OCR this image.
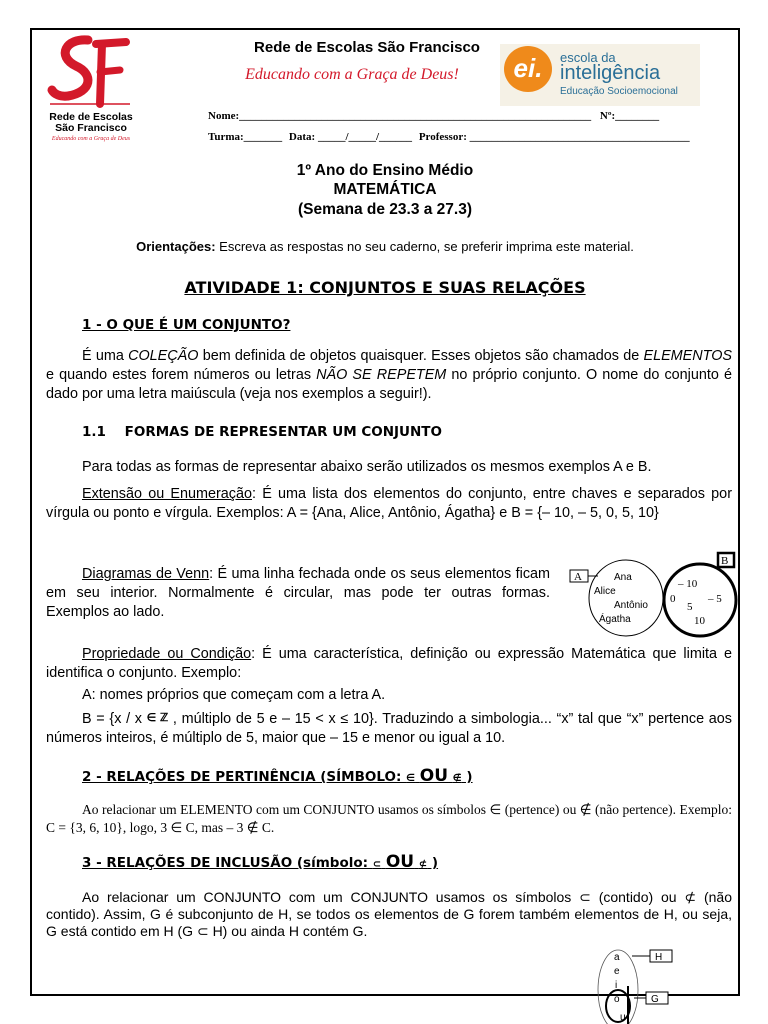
Rede de Escolas
São Francisco
Educando com a Graça de Deus
Rede de Escolas São Francisco
Educando com a Graça de Deus!	ei.	escola da
inteligência
Educação Socioemocional
Nome:________________________________________________________________ Nº:________
Turma:_______ Data: _____/_____/______ Professor: ________________________________________
1º Ano do Ensino Médio
MATEMÁTICA
(Semana de 23.3 a 27.3)
Orientações: Escreva as respostas no seu caderno, se preferir imprima este material.
ATIVIDADE 1: CONJUNTOS E SUAS RELAÇÕES
1 - O QUE É UM CONJUNTO?
É uma COLEÇÃO bem definida de objetos quaisquer. Esses objetos são chamados de ELEMENTOS e quando estes forem números ou letras NÃO SE REPETEM no próprio conjunto. O nome do conjunto é dado por uma letra maiúscula (veja nos exemplos a seguir!).
1.1 FORMAS DE REPRESENTAR UM CONJUNTO
Para todas as formas de representar abaixo serão utilizados os mesmos exemplos A e B.
Extensão ou Enumeração: É uma lista dos elementos do conjunto, entre chaves e separados por vírgula ou ponto e vírgula. Exemplos: A = {Ana, Alice, Antônio, Ágatha} e B = {– 10, – 5, 0, 5, 10}
Diagramas de Venn: É uma linha fechada onde os seus elementos ficam em seu interior. Normalmente é circular, mas pode ter outras formas. Exemplos ao lado.
A	Ana
Alice
Antônio
Ágatha
B
– 10
0	– 5
5
10
Propriedade ou Condição: É uma característica, definição ou expressão Matemática que limita e identifica o conjunto. Exemplo:
A: nomes próprios que começam com a letra A.
B = {x / x ∈ ℤ , múltiplo de 5 e – 15 < x ≤ 10}. Traduzindo a simbologia... “x” tal que “x” pertence aos números inteiros, é múltiplo de 5, maior que – 15 e menor ou igual a 10.
2 - RELAÇÕES DE PERTINÊNCIA (SÍMBOLO: ∈ OU ∉ )
Ao relacionar um ELEMENTO com um CONJUNTO usamos os símbolos ∈ (pertence) ou ∉ (não pertence). Exemplo: C = {3, 6, 10}, logo, 3 ∈ C, mas – 3 ∉ C.
3 - RELAÇÕES DE INCLUSÃO (símbolo: ⊂ OU ⊄ )
Ao relacionar um CONJUNTO com um CONJUNTO usamos os símbolos ⊂ (contido) ou ⊄ (não contido). Assim, G é subconjunto de H, se todos os elementos de G forem também elementos de H, ou seja, G está contido em H (G ⊂ H) ou ainda H contém G.
H
a
e
i
o	G
u
